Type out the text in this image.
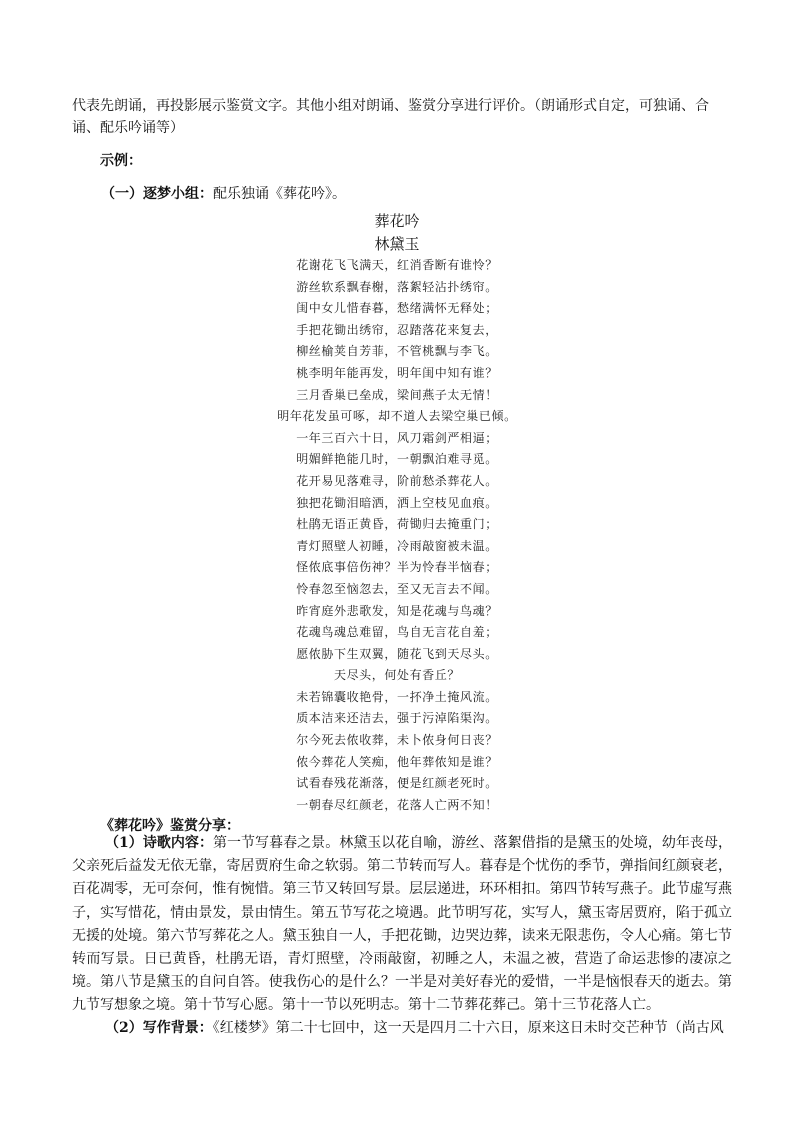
代表先朗诵，再投影展示鉴赏文字。其他小组对朗诵、鉴赏分享进行评价。（朗诵形式自定，可独诵、合诵、配乐吟诵等）

示例：

（一）逐梦小组：配乐独诵《葬花吟》。

葬花吟

林黛玉

花谢花飞飞满天，红消香断有谁怜？
游丝软系飘春榭，落絮轻沾扑绣帘。
闺中女儿惜春暮，愁绪满怀无释处；
手把花锄出绣帘，忍踏落花来复去，
柳丝榆荚自芳菲，不管桃飘与李飞。
桃李明年能再发，明年闺中知有谁？
三月香巢已垒成，梁间燕子太无情！
明年花发虽可啄，却不道人去梁空巢已倾。
一年三百六十日，风刀霜剑严相逼；
明媚鲜艳能几时，一朝飘泊难寻觅。
花开易见落难寻，阶前愁杀葬花人。
独把花锄泪暗洒，洒上空枝见血痕。
杜鹃无语正黄昏，荷锄归去掩重门；
青灯照壁人初睡，冷雨敲窗被未温。
怪侬底事倍伤神？半为怜春半恼春；
怜春忽至恼忽去，至又无言去不闻。
昨宵庭外悲歌发，知是花魂与鸟魂？
花魂鸟魂总难留，鸟自无言花自羞；
愿侬胁下生双翼，随花飞到天尽头。
天尽头，何处有香丘？
未若锦囊收艳骨，一抔净土掩风流。
质本洁来还洁去，强于污淖陷渠沟。
尔今死去侬收葬，未卜侬身何日丧？
侬今葬花人笑痴，他年葬侬知是谁？
试看春残花渐落，便是红颜老死时。
一朝春尽红颜老，花落人亡两不知！

《葬花吟》鉴赏分享：

（1）诗歌内容：第一节写暮春之景。林黛玉以花自喻，游丝、落絮借指的是黛玉的处境，幼年丧母，父亲死后益发无依无靠，寄居贾府生命之软弱。第二节转而写人。暮春是个忧伤的季节，弹指间红颜衰老，百花凋零，无可奈何，惟有惋惜。第三节又转回写景。层层递进，环环相扣。第四节转写燕子。此节虚写燕子，实写惜花，情由景发，景由情生。第五节写花之境遇。此节明写花，实写人，黛玉寄居贾府，陷于孤立无援的处境。第六节写葬花之人。黛玉独自一人，手把花锄，边哭边葬，读来无限悲伤，令人心痛。第七节转而写景。日已黄昏，杜鹃无语，青灯照壁，冷雨敲窗，初睡之人，未温之被，营造了命运悲惨的凄凉之境。第八节是黛玉的自问自答。使我伤心的是什么？一半是对美好春光的爱惜，一半是恼恨春天的逝去。第九节写想象之境。第十节写心愿。第十一节以死明志。第十二节葬花葬己。第十三节花落人亡。

（2）写作背景：《红楼梦》第二十七回中，这一天是四月二十六日，原来这日未时交芒种节（尚古风
